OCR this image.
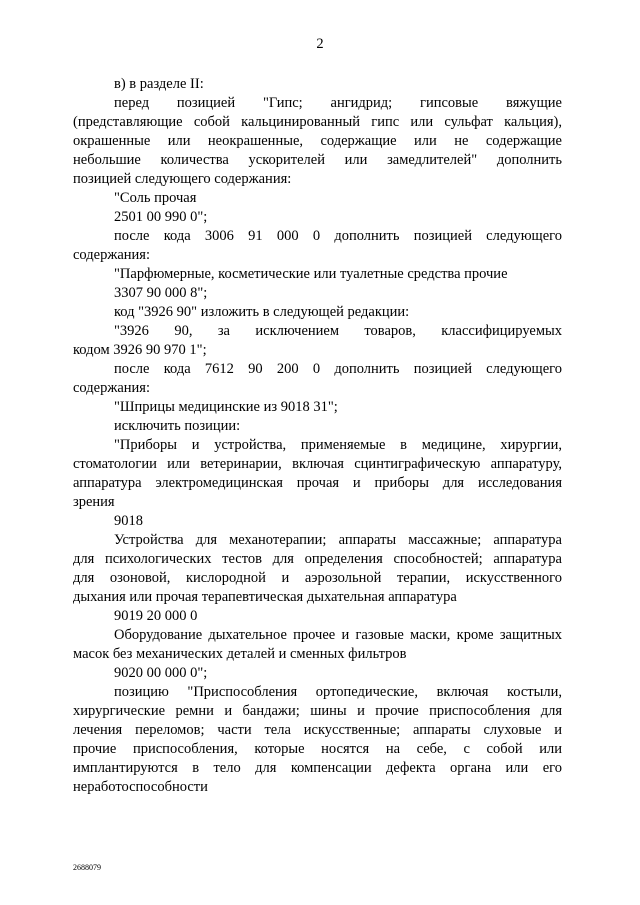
2

в) в разделе II:

перед позицией "Гипс; ангидрид; гипсовые вяжущие

(представляющие собой кальцинированный гипс или сульфат кальция),

окрашенные или неокрашенные, содержащие или не содержащие

небольшие количества ускорителей или замедлителей" дополнить

позицией следующего содержания:

"Соль прочая

2501 00 990 0";

после кода 3006 91 000 0 дополнить позицией следующего

содержания:

"Парфюмерные, косметические или туалетные средства прочие

3307 90 000 8";

код "3926 90" изложить в следующей редакции:

"3926 90, за исключением товаров, классифицируемых

кодом 3926 90 970 1";

после кода 7612 90 200 0 дополнить позицией следующего

содержания:

"Шприцы медицинские из 9018 31";

исключить позиции:

"Приборы и устройства, применяемые в медицине, хирургии,

стоматологии или ветеринарии, включая сцинтиграфическую аппаратуру,

аппаратура электромедицинская прочая и приборы для исследования

зрения

9018

Устройства для механотерапии; аппараты массажные; аппаратура

для психологических тестов для определения способностей; аппаратура

для озоновой, кислородной и аэрозольной терапии, искусственного

дыхания или прочая терапевтическая дыхательная аппаратура

9019 20 000 0

Оборудование дыхательное прочее и газовые маски, кроме защитных

масок без механических деталей и сменных фильтров

9020 00 000 0";

позицию "Приспособления ортопедические, включая костыли,

хирургические ремни и бандажи; шины и прочие приспособления для

лечения переломов; части тела искусственные; аппараты слуховые и

прочие приспособления, которые носятся на себе, с собой или

имплантируются в тело для компенсации дефекта органа или его

неработоспособности

2688079
